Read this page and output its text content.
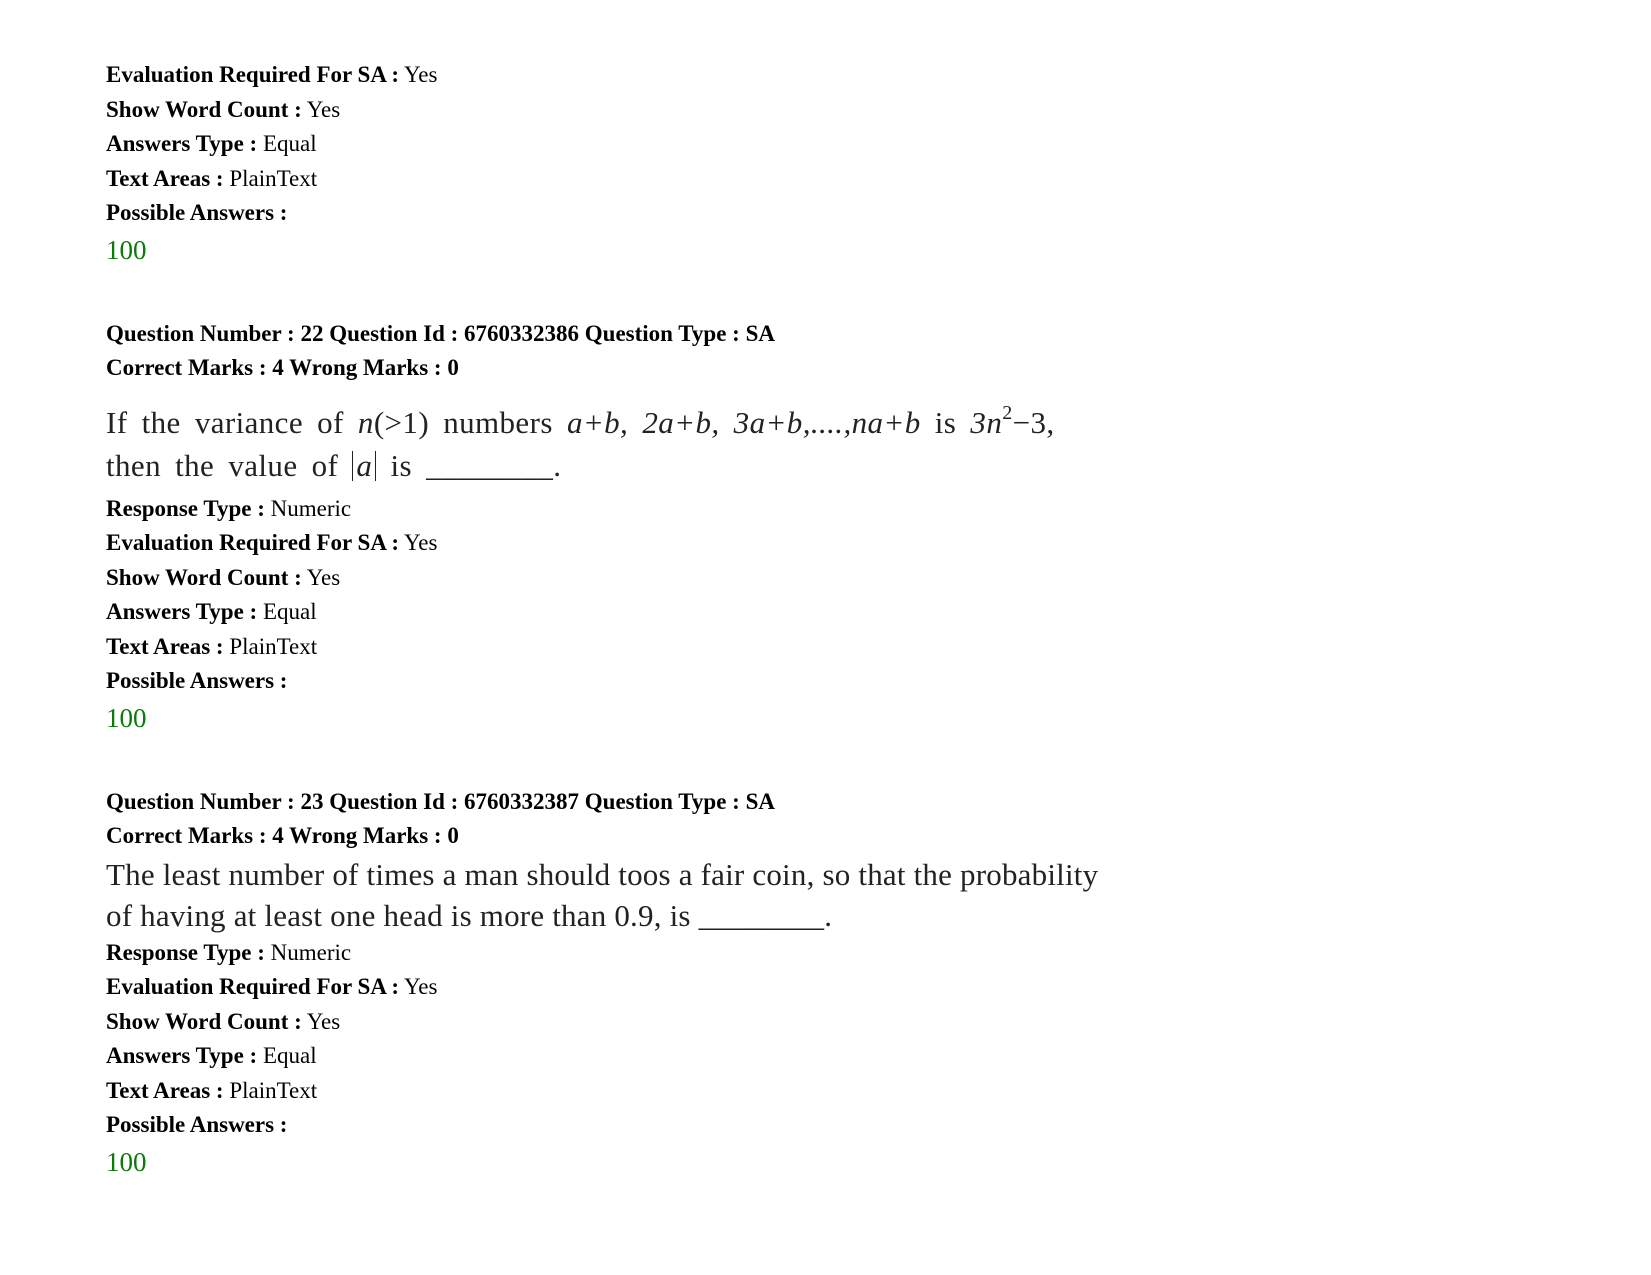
Evaluation Required For SA : Yes
Show Word Count : Yes
Answers Type : Equal
Text Areas : PlainText
Possible Answers :
100
Question Number : 22 Question Id : 6760332386 Question Type : SA
Correct Marks : 4 Wrong Marks : 0
If the variance of n(>1) numbers a+b, 2a+b, 3a+b,....,na+b is $3n^2-3$,
then the value of a is ________.
Response Type : Numeric
Evaluation Required For SA : Yes
Show Word Count : Yes
Answers Type : Equal
Text Areas : PlainText
Possible Answers :
100
Question Number : 23 Question Id : 6760332387 Question Type : SA
Correct Marks : 4 Wrong Marks : 0
The least number of times a man should toos a fair coin, so that the probability
of having at least one head is more than 0.9, is ________.
Response Type : Numeric
Evaluation Required For SA : Yes
Show Word Count : Yes
Answers Type : Equal
Text Areas : PlainText
Possible Answers :
100
